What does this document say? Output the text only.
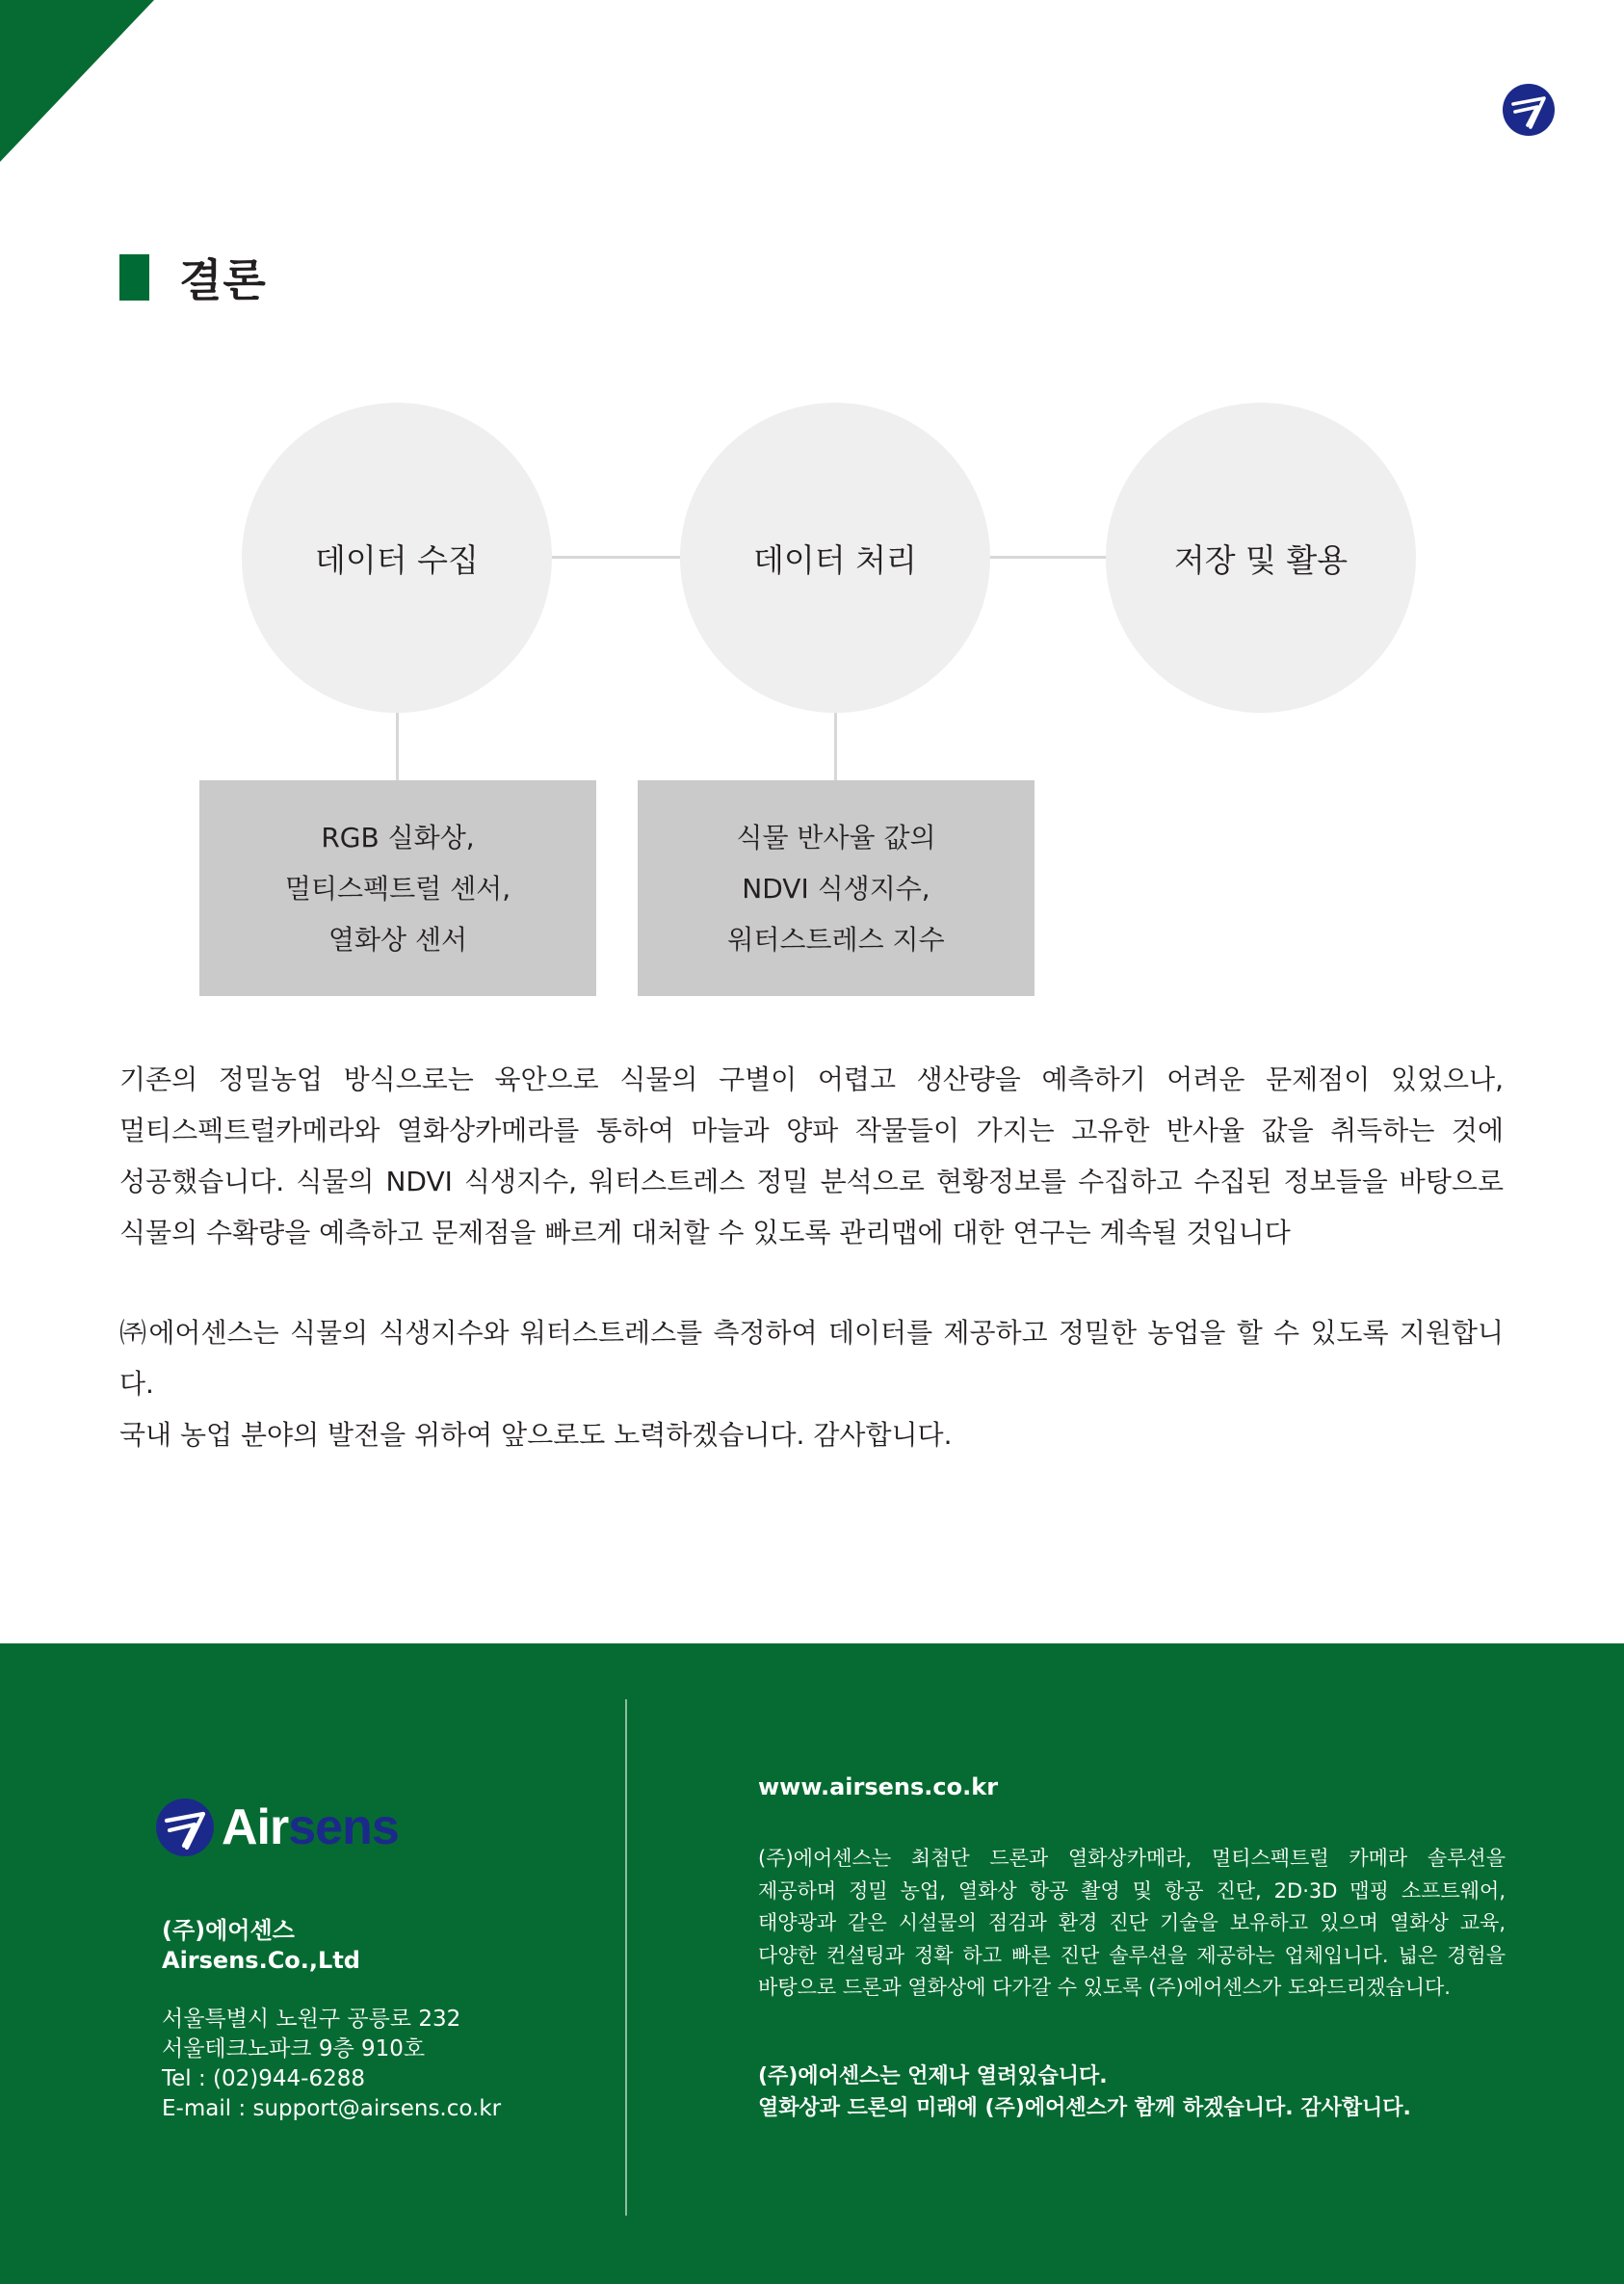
결론
데이터 수집	데이터 처리	저장 및 활용
RGB 실화상,
멀티스펙트럴 센서,
열화상 센서
식물 반사율 값의
NDVI 식생지수,
워터스트레스 지수
기존의 정밀농업 방식으로는 육안으로 식물의 구별이 어렵고 생산량을 예측하기 어려운 문제점이 있었으나,
멀티스펙트럴카메라와 열화상카메라를 통하여 마늘과 양파 작물들이 가지는 고유한 반사율 값을 취득하는 것에
성공했습니다. 식물의 NDVI 식생지수, 워터스트레스 정밀 분석으로 현황정보를 수집하고 수집된 정보들을 바탕으로
식물의 수확량을 예측하고 문제점을 빠르게 대처할 수 있도록 관리맵에 대한 연구는 계속될 것입니다
㈜에어센스는 식물의 식생지수와 워터스트레스를 측정하여 데이터를 제공하고 정밀한 농업을 할 수 있도록 지원합니다.
국내 농업 분야의 발전을 위하여 앞으로도 노력하겠습니다. 감사합니다.
Airsens
(주)에어센스
Airsens.Co.,Ltd
서울특별시 노원구 공릉로 232
서울테크노파크 9층 910호
Tel : (02)944-6288
E-mail : support@airsens.co.kr
www.airsens.co.kr
(주)에어센스는 최첨단 드론과 열화상카메라, 멀티스펙트럴 카메라 솔루션을
제공하며 정밀 농업, 열화상 항공 촬영 및 항공 진단, 2D·3D 맵핑 소프트웨어,
태양광과 같은 시설물의 점검과 환경 진단 기술을 보유하고 있으며 열화상 교육,
다양한 컨설팅과 정확 하고 빠른 진단 솔루션을 제공하는 업체입니다. 넓은 경험을
바탕으로 드론과 열화상에 다가갈 수 있도록 (주)에어센스가 도와드리겠습니다.
(주)에어센스는 언제나 열려있습니다.
열화상과 드론의 미래에 (주)에어센스가 함께 하겠습니다. 감사합니다.
